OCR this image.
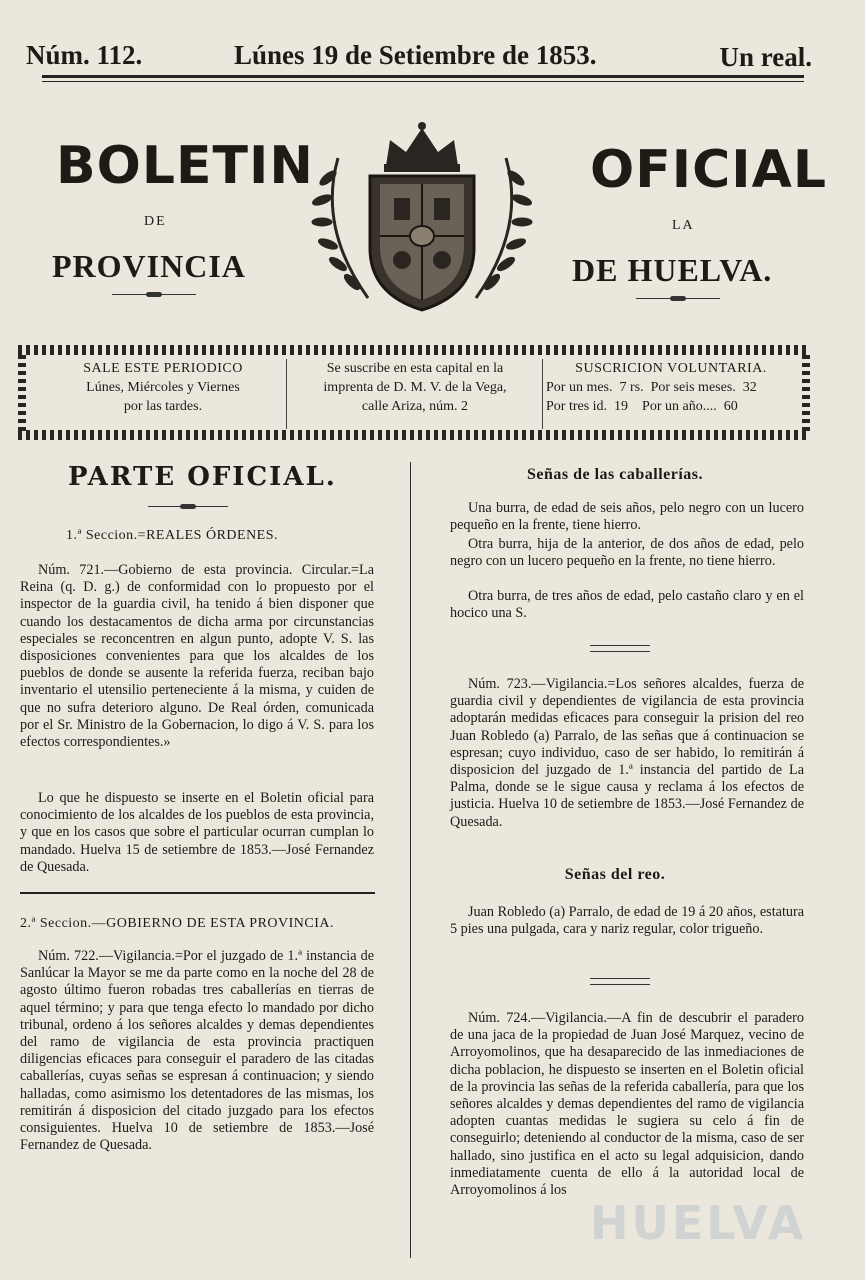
Núm. 112.	Lúnes 19 de Setiembre de 1853.	Un real.
BOLETIN	OFICIAL
DE	LA
PROVINCIA	DE HUELVA.
SALE ESTE PERIODICO
Lúnes, Miércoles y Viernes
por las tardes.
Se suscribe en esta capital en la
imprenta de D. M. V. de la Vega,
calle Ariza, núm. 2
SUSCRICION VOLUNTARIA.
Por un mes.  7 rs.  Por seis meses.  32
Por tres id.  19    Por un año....  60
PARTE OFICIAL.
1.ª Seccion.=REALES ÓRDENES.

Núm. 721.—Gobierno de esta provincia. Circular.=La Reina (q. D. g.) de conformidad con lo propuesto por el inspector de la guardia civil, ha tenido á bien disponer que cuando los destacamentos de dicha arma por circunstancias especiales se reconcentren en algun punto, adopte V. S. las disposiciones convenientes para que los alcaldes de los pueblos de donde se ausente la referida fuerza, reciban bajo inventario el utensilio perteneciente á la misma, y cuiden de que no sufra deterioro alguno. De Real órden, comunicada por el Sr. Ministro de la Gobernacion, lo digo á V. S. para los efectos correspondientes.»

Lo que he dispuesto se inserte en el Boletin oficial para conocimiento de los alcaldes de los pueblos de esta provincia, y que en los casos que sobre el particular ocurran cumplan lo mandado. Huelva 15 de setiembre de 1853.—José Fernandez de Quesada.

2.ª Seccion.—GOBIERNO DE ESTA PROVINCIA.

Núm. 722.—Vigilancia.=Por el juzgado de 1.ª instancia de Sanlúcar la Mayor se me da parte como en la noche del 28 de agosto último fueron robadas tres caballerías en tierras de aquel término; y para que tenga efecto lo mandado por dicho tribunal, ordeno á los señores alcaldes y demas dependientes del ramo de vigilancia de esta provincia practiquen diligencias eficaces para conseguir el paradero de las citadas caballerías, cuyas señas se espresan á continuacion; y siendo halladas, como asimismo los detentadores de las mismas, los remitirán á disposicion del citado juzgado para los efectos consiguientes. Huelva 10 de setiembre de 1853.—José Fernandez de Quesada.

Señas de las caballerías.

Una burra, de edad de seis años, pelo negro con un lucero pequeño en la frente, tiene hierro.

Otra burra, hija de la anterior, de dos años de edad, pelo negro con un lucero pequeño en la frente, no tiene hierro.

Otra burra, de tres años de edad, pelo castaño claro y en el hocico una S.

Núm. 723.—Vigilancia.=Los señores alcaldes, fuerza de guardia civil y dependientes de vigilancia de esta provincia adoptarán medidas eficaces para conseguir la prision del reo Juan Robledo (a) Parralo, de las señas que á continuacion se espresan; cuyo individuo, caso de ser habido, lo remitirán á disposicion del juzgado de 1.ª instancia del partido de La Palma, donde se le sigue causa y reclama á los efectos de justicia. Huelva 10 de setiembre de 1853.—José Fernandez de Quesada.

Señas del reo.

Juan Robledo (a) Parralo, de edad de 19 á 20 años, estatura 5 pies una pulgada, cara y nariz regular, color trigueño.

Núm. 724.—Vigilancia.—A fin de descubrir el paradero de una jaca de la propiedad de Juan José Marquez, vecino de Arroyomolinos, que ha desaparecido de las inmediaciones de dicha poblacion, he dispuesto se inserten en el Boletin oficial de la provincia las señas de la referida caballería, para que los señores alcaldes y demas dependientes del ramo de vigilancia adopten cuantas medidas le sugiera su celo á fin de conseguirlo; deteniendo al conductor de la misma, caso de ser hallado, sino justifica en el acto su legal adquisicion, dando inmediatamente cuenta de ello á la autoridad local de Arroyomolinos á los

HUELVA
